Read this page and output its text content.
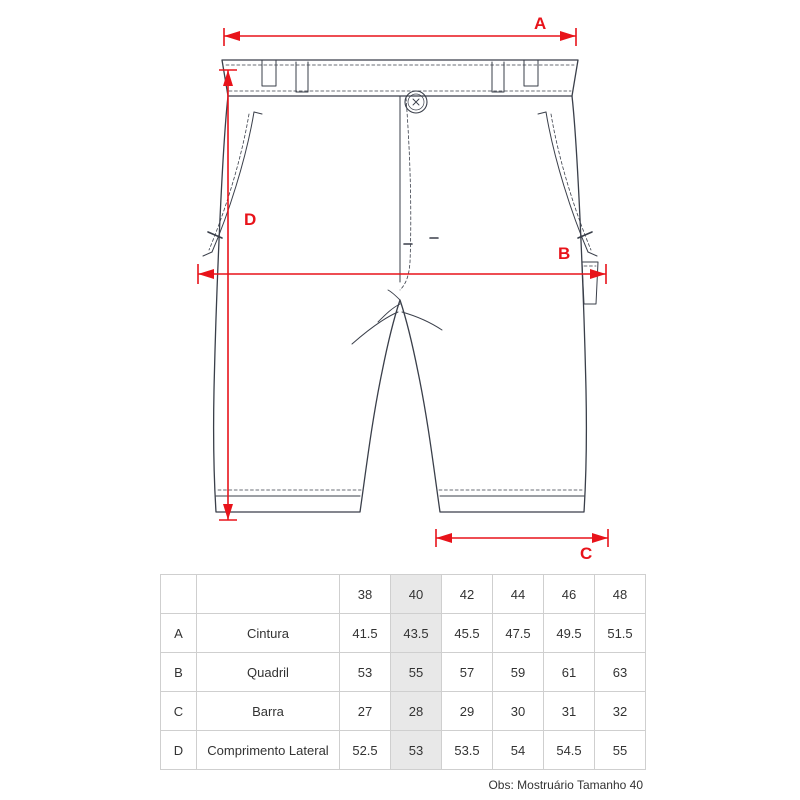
A
B
C
D
		38	40	42	44	46	48
A	Cintura	41.5	43.5	45.5	47.5	49.5	51.5
B	Quadril	53	55	57	59	61	63
C	Barra	27	28	29	30	31	32
D	Comprimento Lateral	52.5	53	53.5	54	54.5	55
Obs: Mostruário Tamanho 40
